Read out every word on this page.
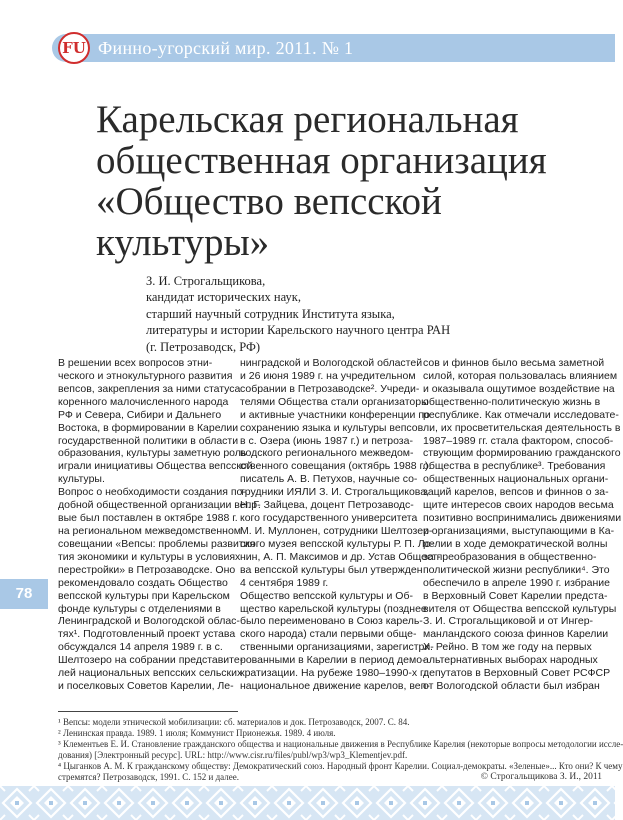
FU Финно-угорский мир. 2011. № 1
Карельская региональная
общественная организация
«Общество вепсской
культуры»
З. И. Строгальщикова,
кандидат исторических наук,
старший научный сотрудник Института языка,
литературы и истории Карельского научного центра РАН
(г. Петрозаводск, РФ)
В решении всех вопросов этни-
ческого и этнокультурного развития
вепсов, закрепления за ними статуса
коренного малочисленного народа
РФ и Севера, Сибири и Дальнего
Востока, в формировании в Карелии
государственной политики в области
образования, культуры заметную роль
играли инициативы Общества вепсской
культуры.
Вопрос о необходимости создания по-
добной общественной организации вепр-
вые был поставлен в октябре 1988 г.
на региональном межведомственном
совещании «Вепсы: проблемы развития
тия экономики и культуры в условиях
перестройки» в Петрозаводске. Оно
рекомендовало создать Общество
вепсской культуры при Карельском
фонде культуры с отделениями в
Ленинградской и Вологодской облас-
тях¹. Подготовленный проект устава
обсуждался 14 апреля 1989 г. в с.
Шелтозеро на собрании представите-
лей национальных вепсских сельских
и поселковых Советов Карелии, Ле-
нинградской и Вологодской областей
и 26 июня 1989 г. на учредительном
собрании в Петрозаводске². Учреди-
телями Общества стали организаторы
и активные участники конференции по
сохранению языка и культуры вепсов
в с. Озера (июнь 1987 г.) и петроза-
водского регионального межведом-
ственного совещания (октябрь 1988 г.):
писатель А. В. Петухов, научные со-
трудники ИЯЛИ З. И. Строгальщикова,
Н. Г. Зайцева, доцент Петрозаводс-
кого государственного университета
М. И. Муллонен, сотрудники Шелтозер-
ского музея вепсской культуры Р. П. Ло-
нин, А. П. Максимов и др. Устав Общест-
ва вепсской культуры был утвержден
4 сентября 1989 г.
Общество вепсской культуры и Об-
щество карельской культуры (позднее
было переименовано в Союз карель-
ского народа) стали первыми обще-
ственными организациями, зарегистри-
рованными в Карелии в период демо-
кратизации. На рубеже 1980–1990-х гг.
национальное движение карелов, веп-
сов и финнов было весьма заметной
силой, которая пользовалась влиянием
и оказывала ощутимое воздействие на
общественно-политическую жизнь в
республике. Как отмечали исследовате-
ли, их просветительская деятельность в
1987–1989 гг. стала фактором, способ-
ствующим формированию гражданского
общества в республике³. Требования
общественных национальных органи-
заций карелов, вепсов и финнов о за-
щите интересов своих народов весьма
позитивно воспринимались движениями
и организациями, выступающими в Ка-
релии в ходе демократической волны
за преобразования в общественно-
политической жизни республики⁴. Это
обеспечило в апреле 1990 г. избрание
в Верховный Совет Карелии предста-
вителя от Общества вепсской культуры
З. И. Строгальщиковой и от Ингер-
манландского союза финнов Карелии
Х. Рейно. В том же году на первых
альтернативных выборах народных
депутатов в Верховный Совет РСФСР
от Вологодской области был избран
78
¹ Вепсы: модели этнической мобилизации: сб. материалов и док. Петрозаводск, 2007. С. 84.
² Ленинская правда. 1989. 1 июля; Коммунист Прионежья. 1989. 4 июля.
³ Клементьев Е. И. Становление гражданского общества и национальные движения в Республике Карелия (некоторые вопросы методологии иссле-
дования) [Электронный ресурс]. URL: http://www.cisr.ru/files/publ/wp3/wp3_Klementjev.pdf.
⁴ Цыганков А. М. К гражданскому обществу: Демократический союз. Народный фронт Карелии. Социал-демократы. «Зеленые»... Кто они? К чему
стремятся? Петрозаводск, 1991. С. 152 и далее.	© Строгальщикова З. И., 2011
